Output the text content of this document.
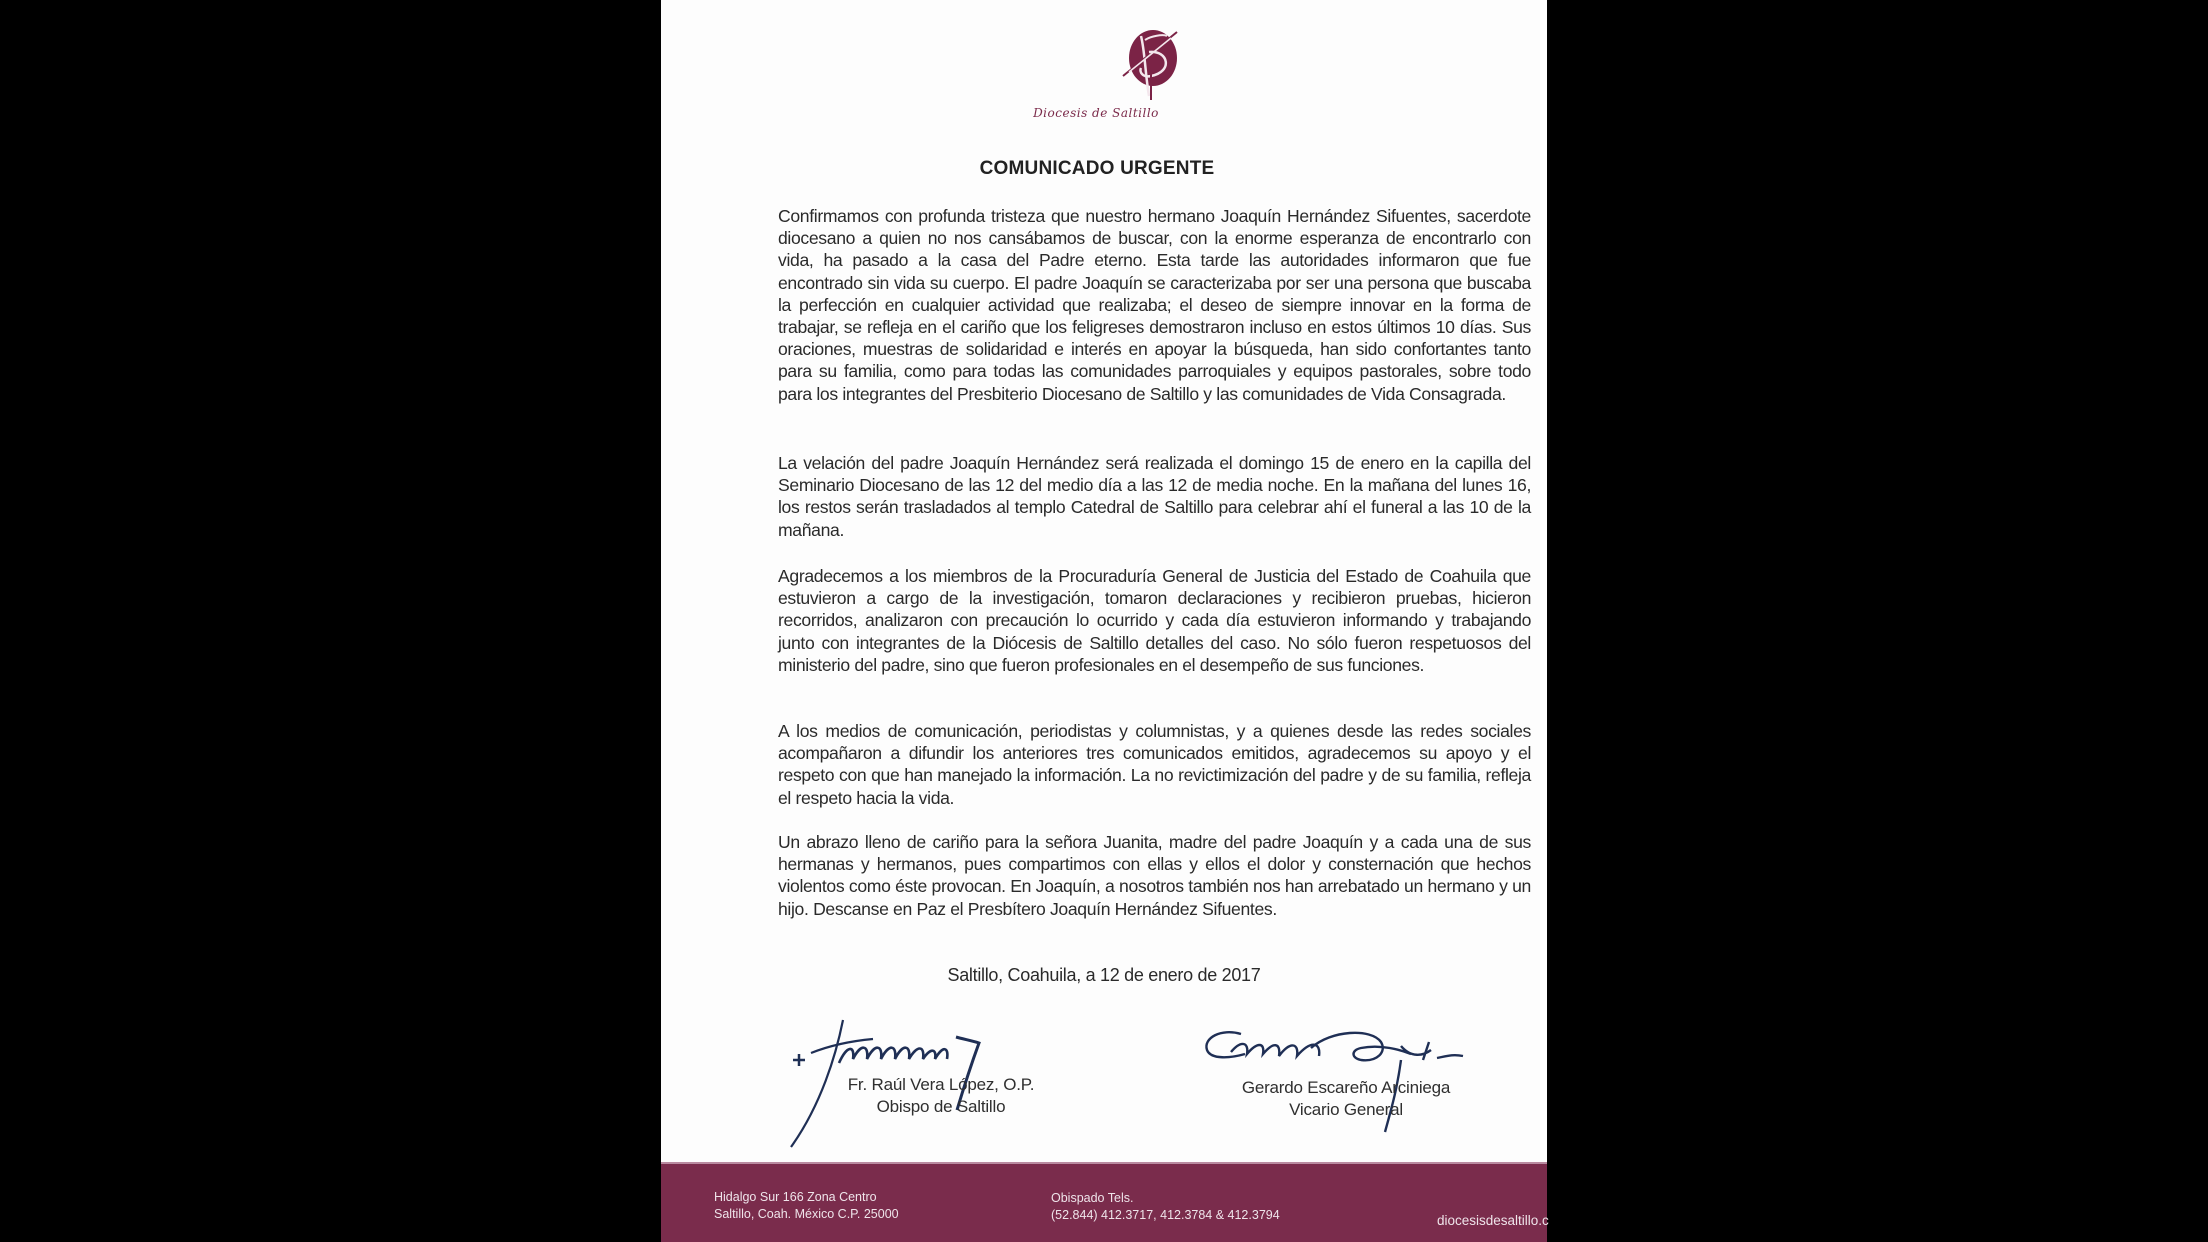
Diocesis de Saltillo
COMUNICADO URGENTE

Confirmamos con profunda tristeza que nuestro hermano Joaquín Hernández Sifuentes, sacerdote diocesano a quien no nos cansábamos de buscar, con la enorme esperanza de encontrarlo con vida, ha pasado a la casa del Padre eterno. Esta tarde las autoridades informaron que fue encontrado sin vida su cuerpo. El padre Joaquín se caracterizaba por ser una persona que buscaba la perfección en cualquier actividad que realizaba; el deseo de siempre innovar en la forma de trabajar, se refleja en el cariño que los feligreses demostraron incluso en estos últimos 10 días. Sus oraciones, muestras de solidaridad e interés en apoyar la búsqueda, han sido confortantes tanto para su familia, como para todas las comunidades parroquiales y equipos pastorales, sobre todo para los integrantes del Presbiterio Diocesano de Saltillo y las comunidades de Vida Consagrada.

La velación del padre Joaquín Hernández será realizada el domingo 15 de enero en la capilla del Seminario Diocesano de las 12 del medio día a las 12 de media noche. En la mañana del lunes 16, los restos serán trasladados al templo Catedral de Saltillo para celebrar ahí el funeral a las 10 de la mañana.

Agradecemos a los miembros de la Procuraduría General de Justicia del Estado de Coahuila que estuvieron a cargo de la investigación, tomaron declaraciones y recibieron pruebas, hicieron recorridos, analizaron con precaución lo ocurrido y cada día estuvieron informando y trabajando junto con integrantes de la Diócesis de Saltillo detalles del caso. No sólo fueron respetuosos del ministerio del padre, sino que fueron profesionales en el desempeño de sus funciones.

A los medios de comunicación, periodistas y columnistas, y a quienes desde las redes sociales acompañaron a difundir los anteriores tres comunicados emitidos, agradecemos su apoyo y el respeto con que han manejado la información. La no revictimización del padre y de su familia, refleja el respeto hacia la vida.

Un abrazo lleno de cariño para la señora Juanita, madre del padre Joaquín y a cada una de sus hermanas y hermanos, pues compartimos con ellas y ellos el dolor y consternación que hechos violentos como éste provocan. En Joaquín, a nosotros también nos han arrebatado un hermano y un hijo. Descanse en Paz el Presbítero Joaquín Hernández Sifuentes.

Saltillo, Coahuila, a 12 de enero de 2017
Fr. Raúl Vera López, O.P.
Obispo de Saltillo
Gerardo Escareño Arciniega
Vicario General
Hidalgo Sur 166 Zona Centro
Saltillo, Coah. México C.P. 25000
Obispado Tels.
(52.844) 412.3717, 412.3784 & 412.3794	diocesisdesaltillo.c
